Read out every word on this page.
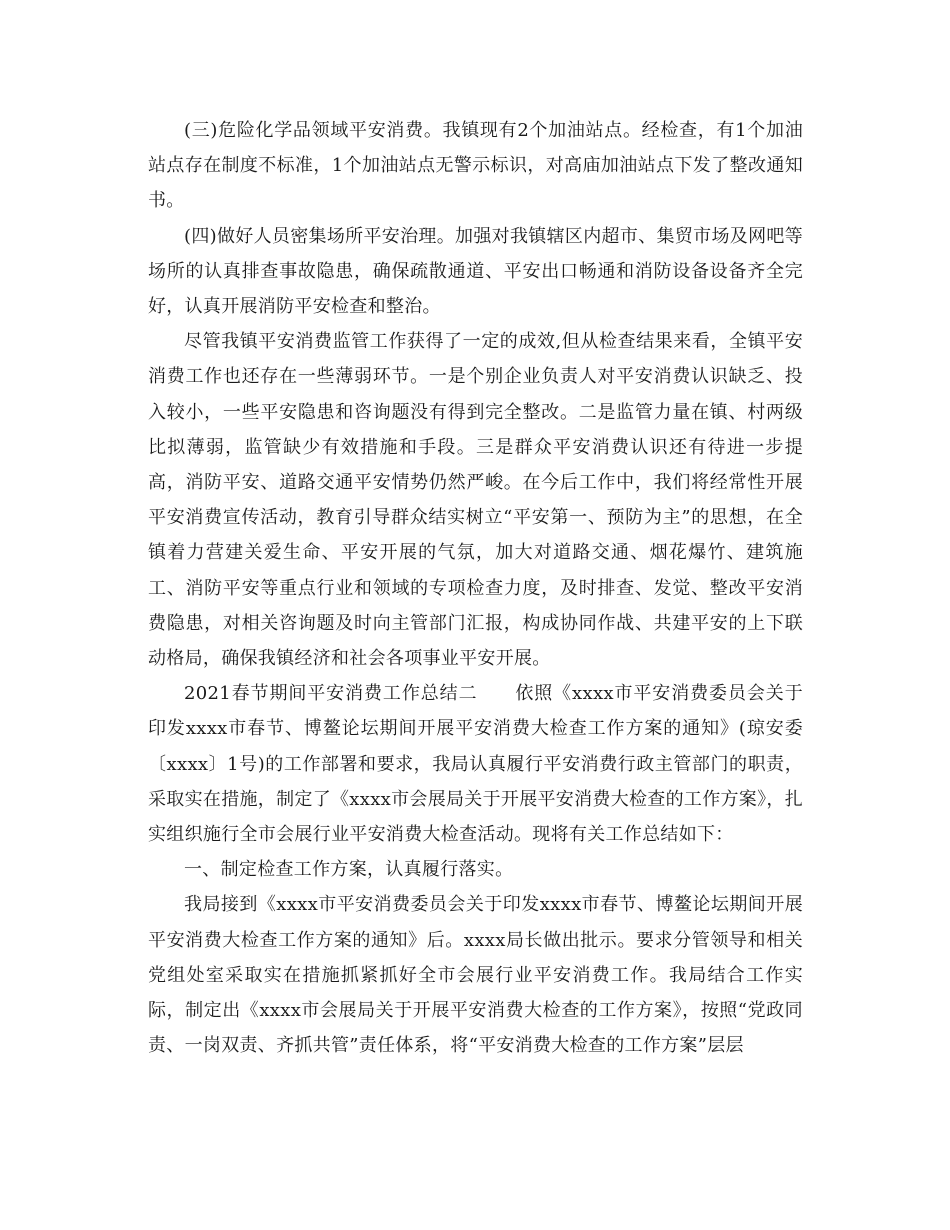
(三)危险化学品领域平安消费。我镇现有2个加油站点。经检查，有1个加油站点存在制度不标准，1个加油站点无警示标识，对高庙加油站点下发了整改通知书。

(四)做好人员密集场所平安治理。加强对我镇辖区内超市、集贸市场及网吧等场所的认真排查事故隐患，确保疏散通道、平安出口畅通和消防设备设备齐全完好，认真开展消防平安检查和整治。

尽管我镇平安消费监管工作获得了一定的成效,但从检查结果来看，全镇平安消费工作也还存在一些薄弱环节。一是个别企业负责人对平安消费认识缺乏、投入较小，一些平安隐患和咨询题没有得到完全整改。二是监管力量在镇、村两级比拟薄弱，监管缺少有效措施和手段。三是群众平安消费认识还有待进一步提高，消防平安、道路交通平安情势仍然严峻。在今后工作中，我们将经常性开展平安消费宣传活动，教育引导群众结实树立“平安第一、预防为主”的思想，在全镇着力营建关爱生命、平安开展的气氛，加大对道路交通、烟花爆竹、建筑施工、消防平安等重点行业和领域的专项检查力度，及时排查、发觉、整改平安消费隐患，对相关咨询题及时向主管部门汇报，构成协同作战、共建平安的上下联动格局，确保我镇经济和社会各项事业平安开展。

2021春节期间平安消费工作总结二　　依照《xxxx市平安消费委员会关于印发xxxx市春节、博鳌论坛期间开展平安消费大检查工作方案的通知》(琼安委〔xxxx〕1号)的工作部署和要求，我局认真履行平安消费行政主管部门的职责，采取实在措施，制定了《xxxx市会展局关于开展平安消费大检查的工作方案》，扎实组织施行全市会展行业平安消费大检查活动。现将有关工作总结如下：

一、制定检查工作方案，认真履行落实。

我局接到《xxxx市平安消费委员会关于印发xxxx市春节、博鳌论坛期间开展平安消费大检查工作方案的通知》后。xxxx局长做出批示。要求分管领导和相关党组处室采取实在措施抓紧抓好全市会展行业平安消费工作。我局结合工作实际，制定出《xxxx市会展局关于开展平安消费大检查的工作方案》，按照“党政同责、一岗双责、齐抓共管”责任体系，将“平安消费大检查的工作方案”层层
